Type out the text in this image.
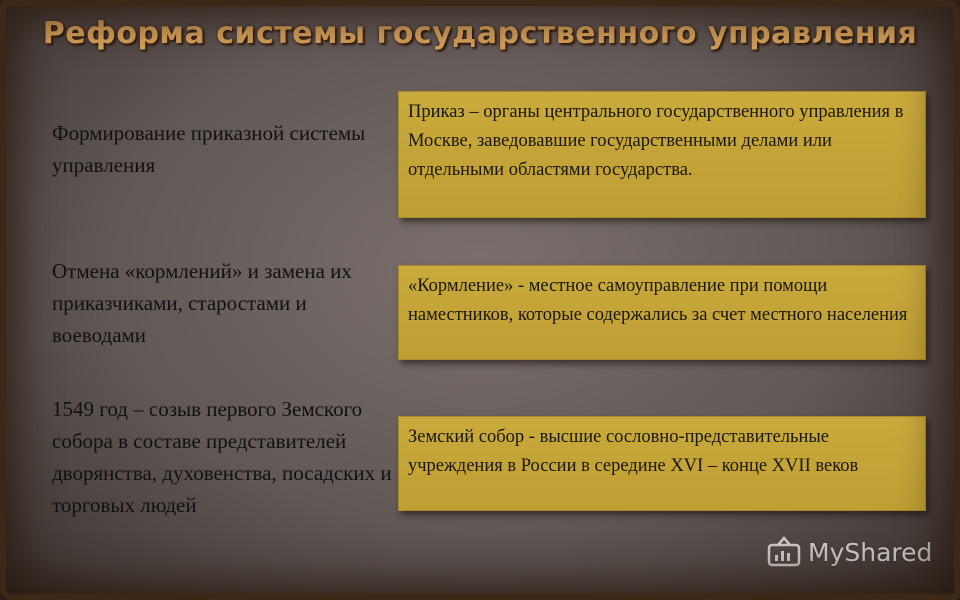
Реформа системы государственного управления
Формирование приказной системы управления
Отмена «кормлений» и замена их приказчиками, старостами и воеводами
1549 год – созыв первого Земского собора в составе представителей дворянства, духовенства, посадских и торговых людей
Приказ – органы центрального государственного управления в Москве, заведовавшие государственными делами или отдельными областями государства.
«Кормление» - местное самоуправление при помощи наместников, которые содержались за счет местного населения
Земский собор - высшие сословно-представительные учреждения в России в середине XVI – конце XVII веков
MyShared
